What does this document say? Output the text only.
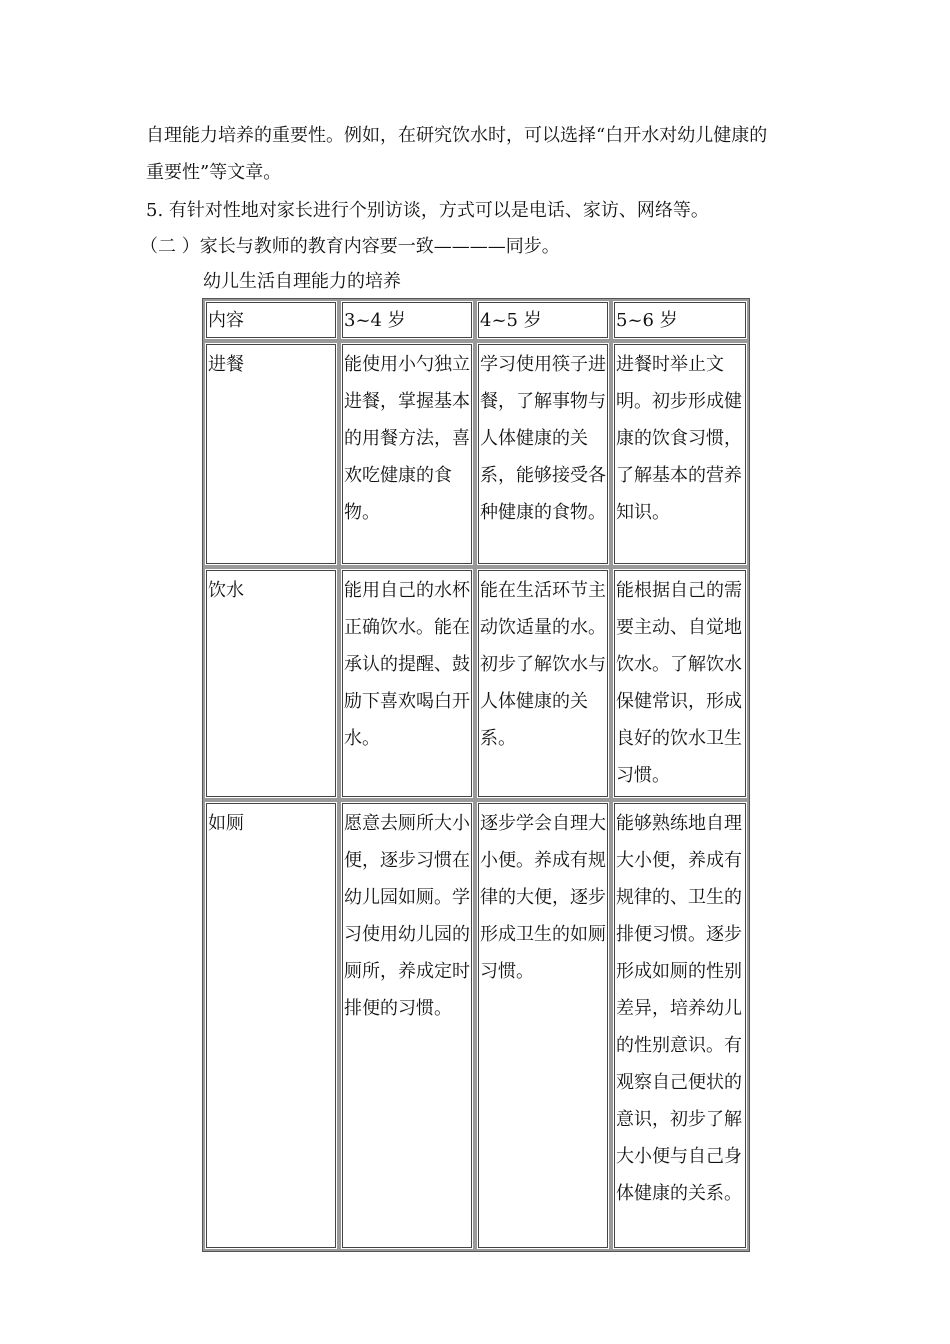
自理能力培养的重要性。例如，在研究饮水时，可以选择“白开水对幼儿健康的

重要性”等文章。

5. 有针对性地对家长进行个别访谈，方式可以是电话、家访、网络等。

（二 ）家长与教师的教育内容要一致————同步。

幼儿生活自理能力的培养
内容	3~4 岁	4~5 岁	5~6 岁
进餐	能使用小勺独立进餐，掌握基本的用餐方法，喜欢吃健康的食物。	学习使用筷子进餐，了解事物与人体健康的关系，能够接受各种健康的食物。	进餐时举止文明。初步形成健康的饮食习惯，了解基本的营养知识。
饮水	能用自己的水杯正确饮水。能在承认的提醒、鼓励下喜欢喝白开水。	能在生活环节主动饮适量的水。初步了解饮水与人体健康的关系。	能根据自己的需要主动、自觉地饮水。了解饮水保健常识，形成良好的饮水卫生习惯。
如厕	愿意去厕所大小便，逐步习惯在幼儿园如厕。学习使用幼儿园的厕所，养成定时排便的习惯。	逐步学会自理大小便。养成有规律的大便，逐步形成卫生的如厕习惯。	能够熟练地自理大小便，养成有规律的、卫生的排便习惯。逐步形成如厕的性别差异，培养幼儿的性别意识。有观察自己便状的意识，初步了解大小便与自己身体健康的关系。
